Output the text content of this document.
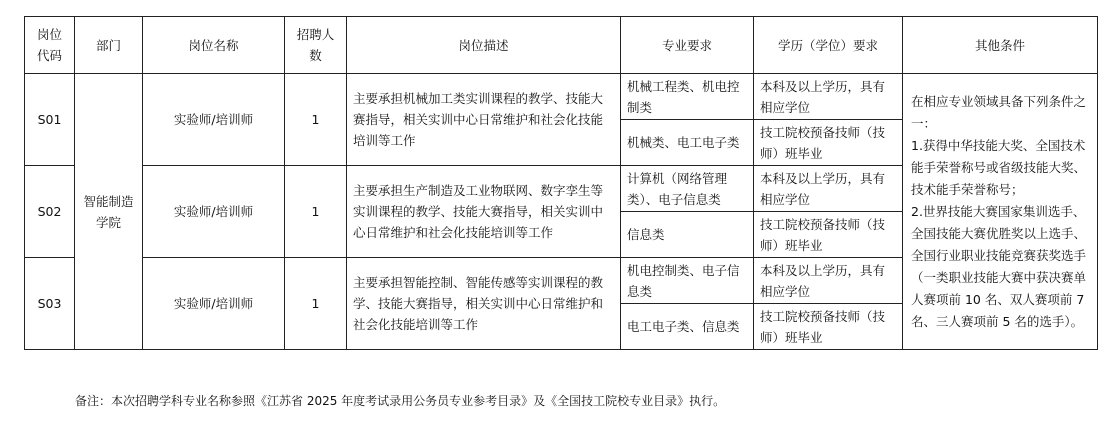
岗位代码	部门	岗位名称	招聘人数	岗位描述	专业要求	学历（学位）要求	其他条件
S01	智能制造学院	实验师/培训师	1	主要承担机械加工类实训课程的教学、技能大赛指导，相关实训中心日常维护和社会化技能培训等工作	机械工程类、机电控制类	本科及以上学历，具有相应学位	在相应专业领域具备下列条件之一：
1.获得中华技能大奖、全国技术能手荣誉称号或省级技能大奖、技术能手荣誉称号；
2.世界技能大赛国家集训选手、全国技能大赛优胜奖以上选手、全国行业职业技能竞赛获奖选手（一类职业技能大赛中获决赛单人赛项前 10 名、双人赛项前 7 名、三人赛项前 5 名的选手）。
					机械类、电工电子类	技工院校预备技师（技师）班毕业	
S02		实验师/培训师	1	主要承担生产制造及工业物联网、数字孪生等实训课程的教学、技能大赛指导，相关实训中心日常维护和社会化技能培训等工作	计算机（网络管理类）、电子信息类	本科及以上学历，具有相应学位	
					信息类	技工院校预备技师（技师）班毕业	
S03		实验师/培训师	1	主要承担智能控制、智能传感等实训课程的教学、技能大赛指导，相关实训中心日常维护和社会化技能培训等工作	机电控制类、电子信息类	本科及以上学历，具有相应学位	
					电工电子类、信息类	技工院校预备技师（技师）班毕业	
备注：本次招聘学科专业名称参照《江苏省 2025 年度考试录用公务员专业参考目录》及《全国技工院校专业目录》执行。
